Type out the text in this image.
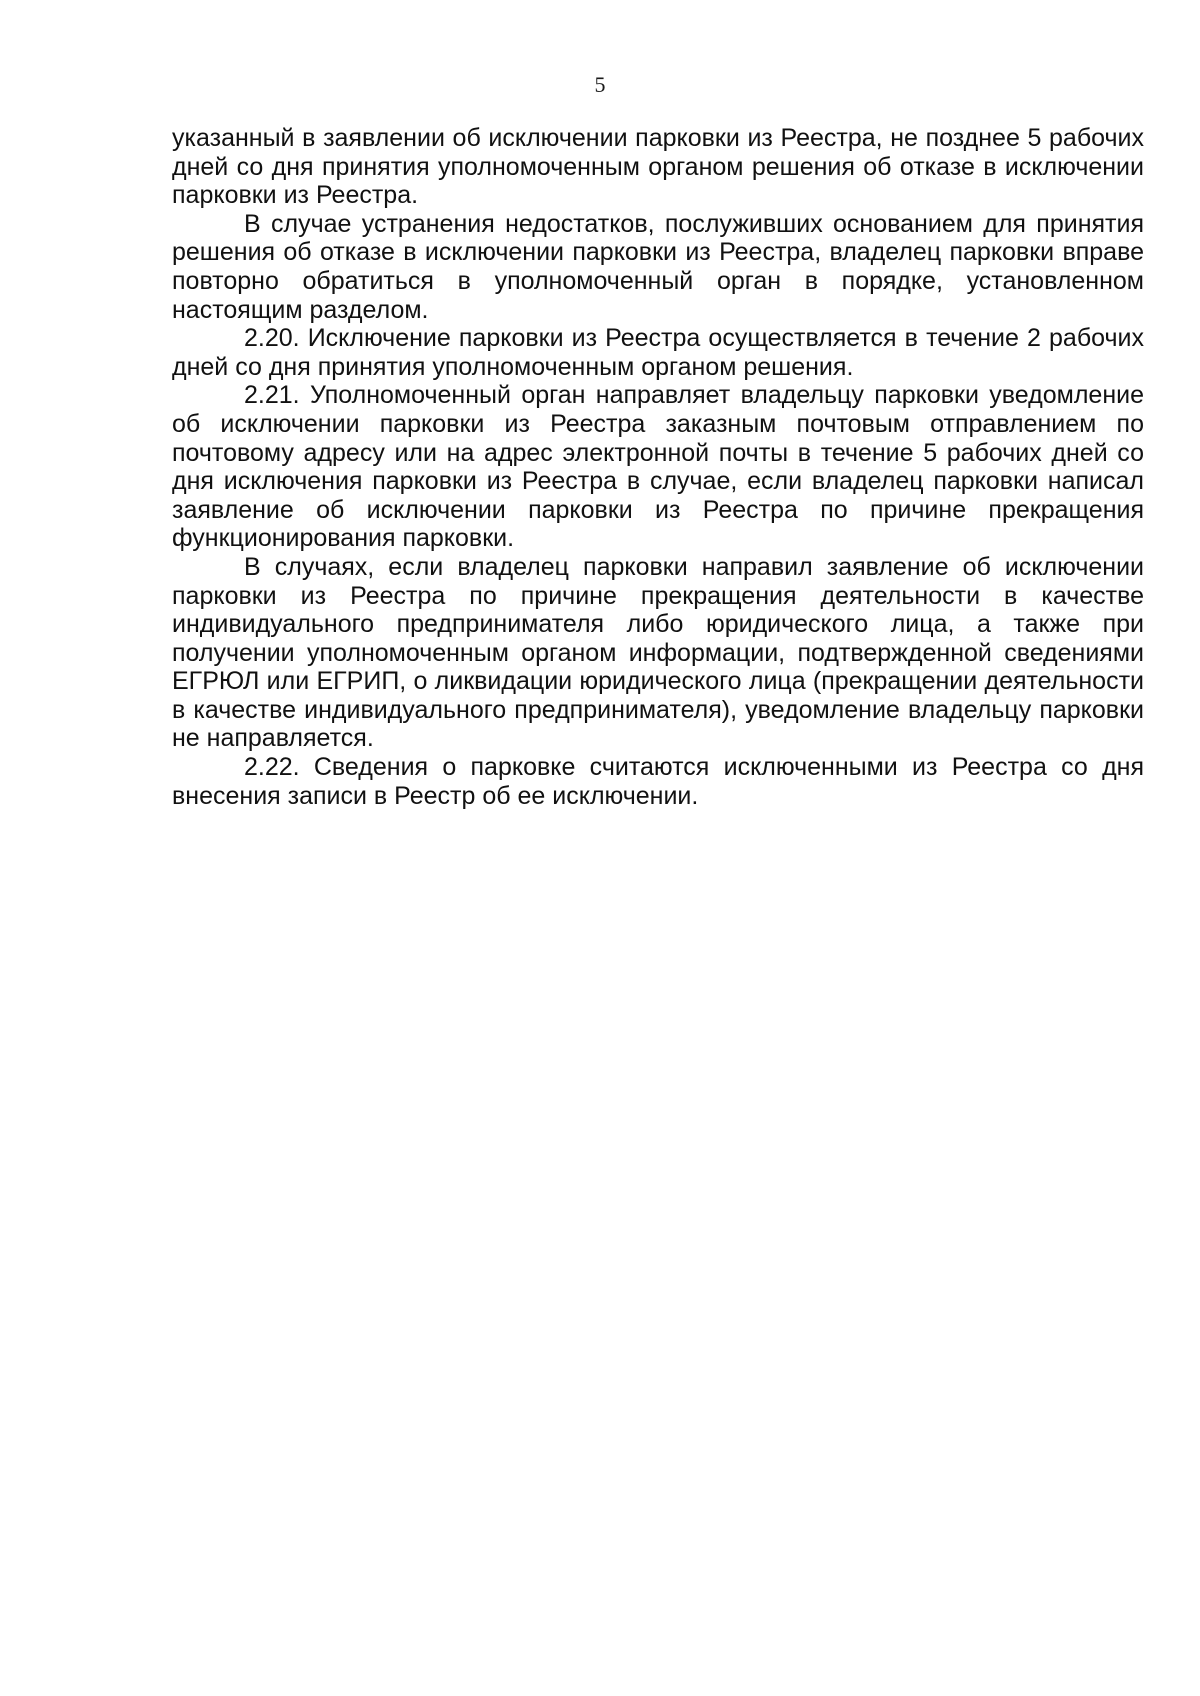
5

указанный в заявлении об исключении парковки из Реестра, не позднее 5 рабочих дней со дня принятия уполномоченным органом решения об отказе в исключении парковки из Реестра.

В случае устранения недостатков, послуживших основанием для принятия решения об отказе в исключении парковки из Реестра, владелец парковки вправе повторно обратиться в уполномоченный орган в порядке, установленном настоящим разделом.

2.20. Исключение парковки из Реестра осуществляется в течение 2 рабочих дней со дня принятия уполномоченным органом решения.

2.21. Уполномоченный орган направляет владельцу парковки уведомление об исключении парковки из Реестра заказным почтовым отправлением по почтовому адресу или на адрес электронной почты в течение 5 рабочих дней со дня исключения парковки из Реестра в случае, если владелец парковки написал заявление об исключении парковки из Реестра по причине прекращения функционирования парковки.

В случаях, если владелец парковки направил заявление об исключении парковки из Реестра по причине прекращения деятельности в качестве индивидуального предпринимателя либо юридического лица, а также при получении уполномоченным органом информации, подтвержденной сведениями ЕГРЮЛ или ЕГРИП, о ликвидации юридического лица (прекращении деятельности в качестве индивидуального предпринимателя), уведомление владельцу парковки не направляется.

2.22. Сведения о парковке считаются исключенными из Реестра со дня внесения записи в Реестр об ее исключении.
